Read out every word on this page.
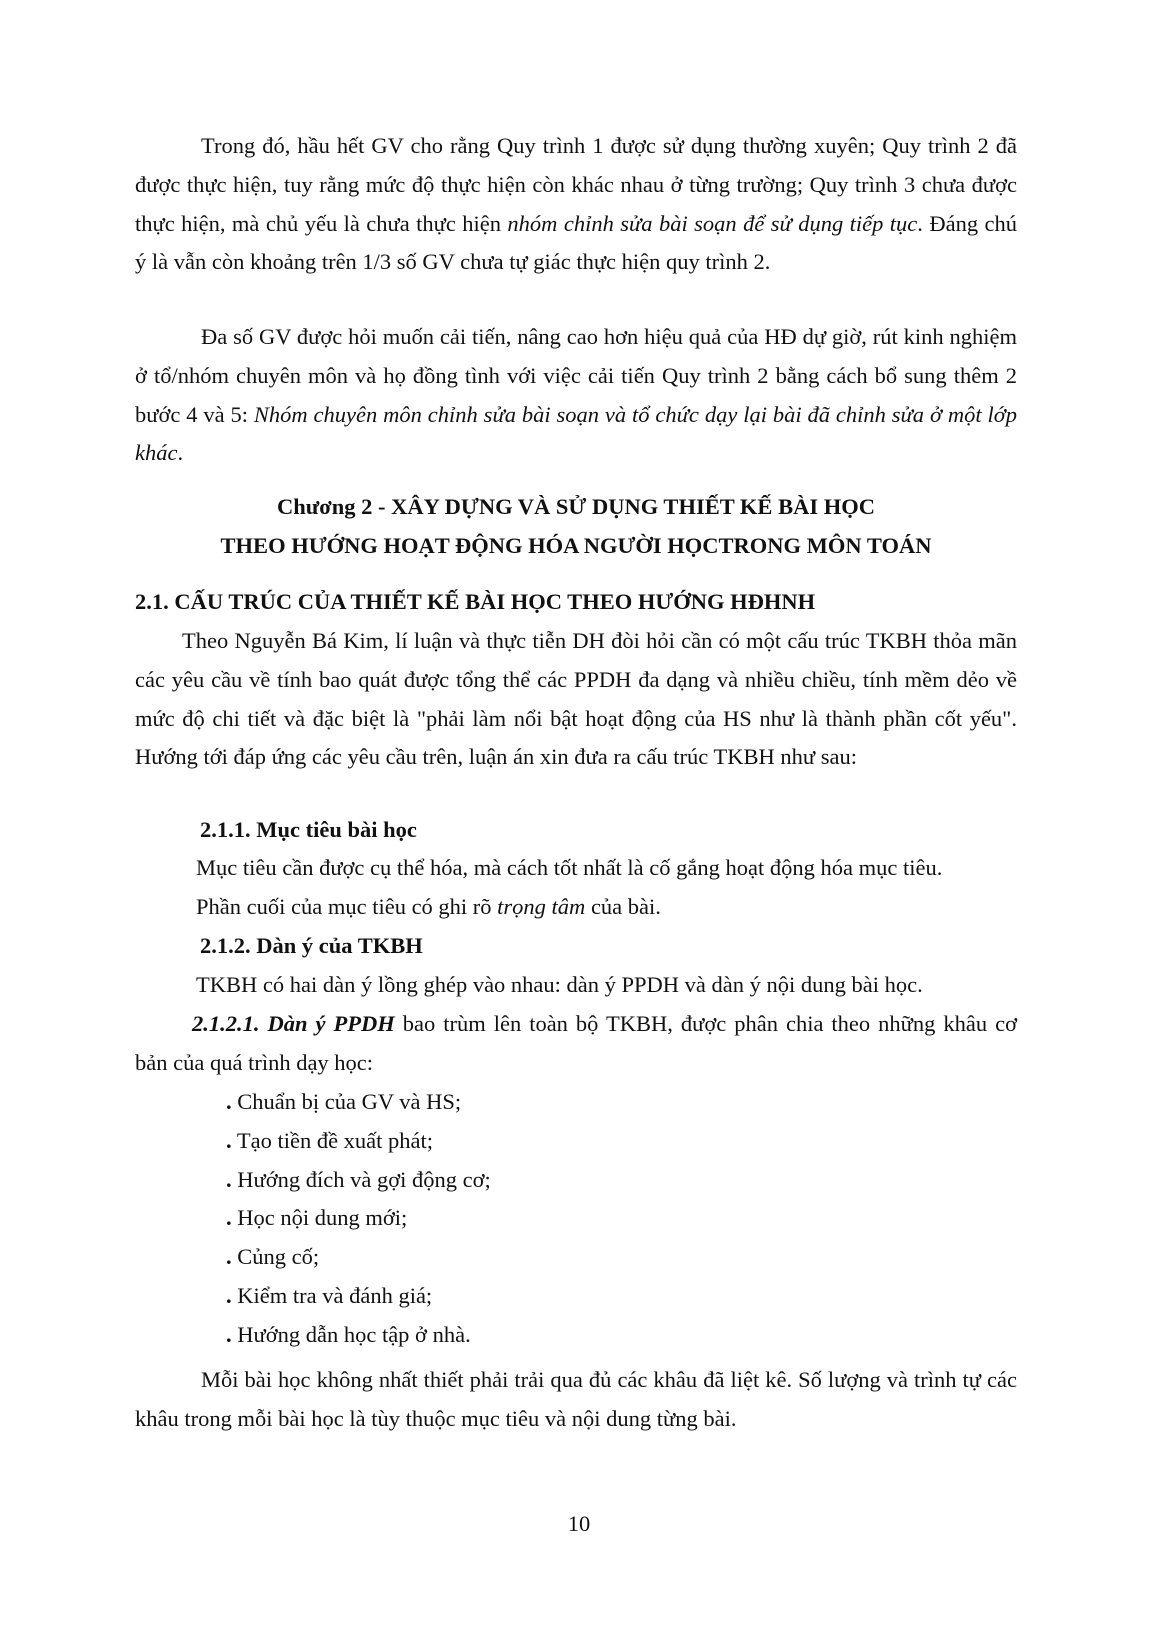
Trong đó, hầu hết GV cho rằng Quy trình 1 được sử dụng thường xuyên; Quy trình 2 đã được thực hiện, tuy rằng mức độ thực hiện còn khác nhau ở từng trường; Quy trình 3 chưa được thực hiện, mà chủ yếu là chưa thực hiện nhóm chỉnh sửa bài soạn để sử dụng tiếp tục. Đáng chú ý là vẫn còn khoảng trên 1/3 số GV chưa tự giác thực hiện quy trình 2.

Đa số GV được hỏi muốn cải tiến, nâng cao hơn hiệu quả của HĐ dự giờ, rút kinh nghiệm ở tổ/nhóm chuyên môn và họ đồng tình với việc cải tiến Quy trình 2 bằng cách bổ sung thêm 2 bước 4 và 5: Nhóm chuyên môn chỉnh sửa bài soạn và tổ chức dạy lại bài đã chỉnh sửa ở một lớp khác.

Chương 2 - XÂY DỰNG VÀ SỬ DỤNG THIẾT KẾ BÀI HỌC
THEO HƯỚNG HOẠT ĐỘNG HÓA NGƯỜI HỌCTRONG MÔN TOÁN
2.1. CẤU TRÚC CỦA THIẾT KẾ BÀI HỌC THEO HƯỚNG HĐHNH

Theo Nguyễn Bá Kim, lí luận và thực tiễn DH đòi hỏi cần có một cấu trúc TKBH thỏa mãn các yêu cầu về tính bao quát được tổng thể các PPDH đa dạng và nhiều chiều, tính mềm dẻo về mức độ chi tiết và đặc biệt là "phải làm nổi bật hoạt động của HS như là thành phần cốt yếu". Hướng tới đáp ứng các yêu cầu trên, luận án xin đưa ra cấu trúc TKBH như sau:

2.1.1. Mục tiêu bài học
Mục tiêu cần được cụ thể hóa, mà cách tốt nhất là cố gắng hoạt động hóa mục tiêu.
Phần cuối của mục tiêu có ghi rõ trọng tâm của bài.
2.1.2. Dàn ý của TKBH
TKBH có hai dàn ý lồng ghép vào nhau: dàn ý PPDH và dàn ý nội dung bài học.

2.1.2.1. Dàn ý PPDH bao trùm lên toàn bộ TKBH, được phân chia theo những khâu cơ bản của quá trình dạy học:

. Chuẩn bị của GV và HS;
. Tạo tiền đề xuất phát;
. Hướng đích và gợi động cơ;
. Học nội dung mới;
. Củng cố;
. Kiểm tra và đánh giá;
. Hướng dẫn học tập ở nhà.

Mỗi bài học không nhất thiết phải trải qua đủ các khâu đã liệt kê. Số lượng và trình tự các khâu trong mỗi bài học là tùy thuộc mục tiêu và nội dung từng bài.

10
